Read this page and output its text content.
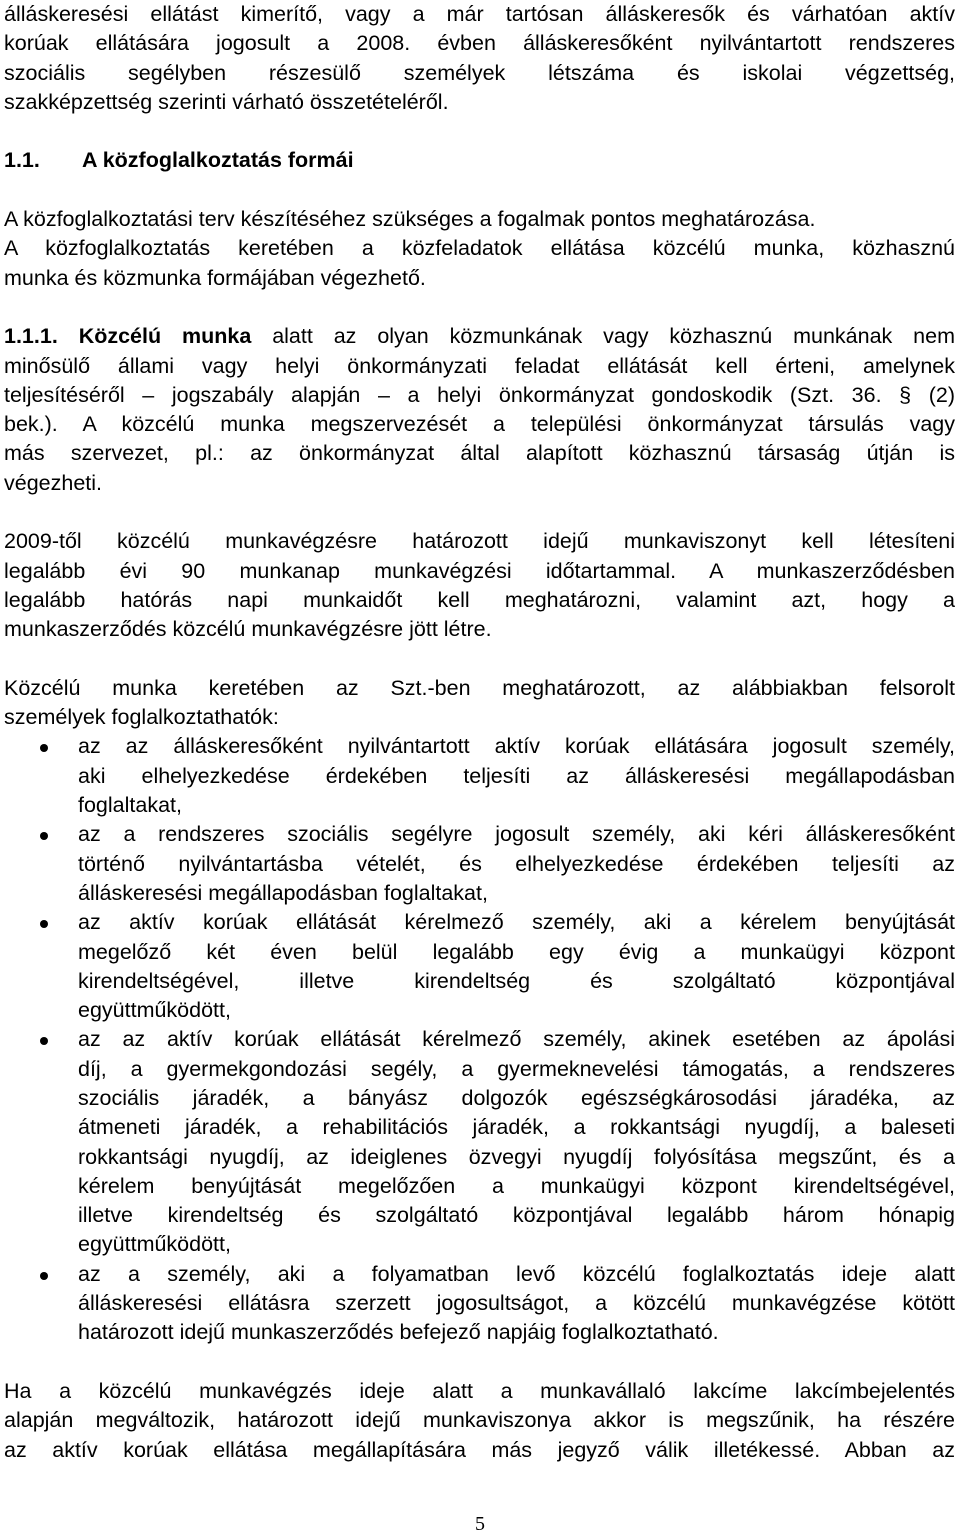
álláskeresési ellátást kimerítő, vagy a már tartósan álláskeresők és várhatóan aktív
korúak ellátására jogosult a 2008. évben álláskeresőként nyilvántartott rendszeres
szociális segélyben részesülő személyek létszáma és iskolai végzettség,
szakképzettség szerinti várható összetételéről.
1.1. A közfoglalkoztatás formái
A közfoglalkoztatási terv készítéséhez szükséges a fogalmak pontos meghatározása.
A közfoglalkoztatás keretében a közfeladatok ellátása közcélú munka, közhasznú
munka és közmunka formájában végezhető.
1.1.1. Közcélú munka alatt az olyan közmunkának vagy közhasznú munkának nem
minősülő állami vagy helyi önkormányzati feladat ellátását kell érteni, amelynek
teljesítéséről – jogszabály alapján – a helyi önkormányzat gondoskodik (Szt. 36. § (2)
bek.). A közcélú munka megszervezését a települési önkormányzat társulás vagy
más szervezet, pl.: az önkormányzat által alapított közhasznú társaság útján is
végezheti.
2009-től közcélú munkavégzésre határozott idejű munkaviszonyt kell létesíteni
legalább évi 90 munkanap munkavégzési időtartammal. A munkaszerződésben
legalább hatórás napi munkaidőt kell meghatározni, valamint azt, hogy a
munkaszerződés közcélú munkavégzésre jött létre.
Közcélú munka keretében az Szt.-ben meghatározott, az alábbiakban felsorolt
személyek foglalkoztathatók:
az az álláskeresőként nyilvántartott aktív korúak ellátására jogosult személy,
aki elhelyezkedése érdekében teljesíti az álláskeresési megállapodásban
foglaltakat,
az a rendszeres szociális segélyre jogosult személy, aki kéri álláskeresőként
történő nyilvántartásba vételét, és elhelyezkedése érdekében teljesíti az
álláskeresési megállapodásban foglaltakat,
az aktív korúak ellátását kérelmező személy, aki a kérelem benyújtását
megelőző két éven belül legalább egy évig a munkaügyi központ
kirendeltségével, illetve kirendeltség és szolgáltató központjával
együttműködött,
az az aktív korúak ellátását kérelmező személy, akinek esetében az ápolási
díj, a gyermekgondozási segély, a gyermeknevelési támogatás, a rendszeres
szociális járadék, a bányász dolgozók egészségkárosodási járadéka, az
átmeneti járadék, a rehabilitációs járadék, a rokkantsági nyugdíj, a baleseti
rokkantsági nyugdíj, az ideiglenes özvegyi nyugdíj folyósítása megszűnt, és a
kérelem benyújtását megelőzően a munkaügyi központ kirendeltségével,
illetve kirendeltség és szolgáltató központjával legalább három hónapig
együttműködött,
az a személy, aki a folyamatban levő közcélú foglalkoztatás ideje alatt
álláskeresési ellátásra szerzett jogosultságot, a közcélú munkavégzése kötött
határozott idejű munkaszerződés befejező napjáig foglalkoztatható.
Ha a közcélú munkavégzés ideje alatt a munkavállaló lakcíme lakcímbejelentés
alapján megváltozik, határozott idejű munkaviszonya akkor is megszűnik, ha részére
az aktív korúak ellátása megállapítására más jegyző válik illetékessé. Abban az
5
